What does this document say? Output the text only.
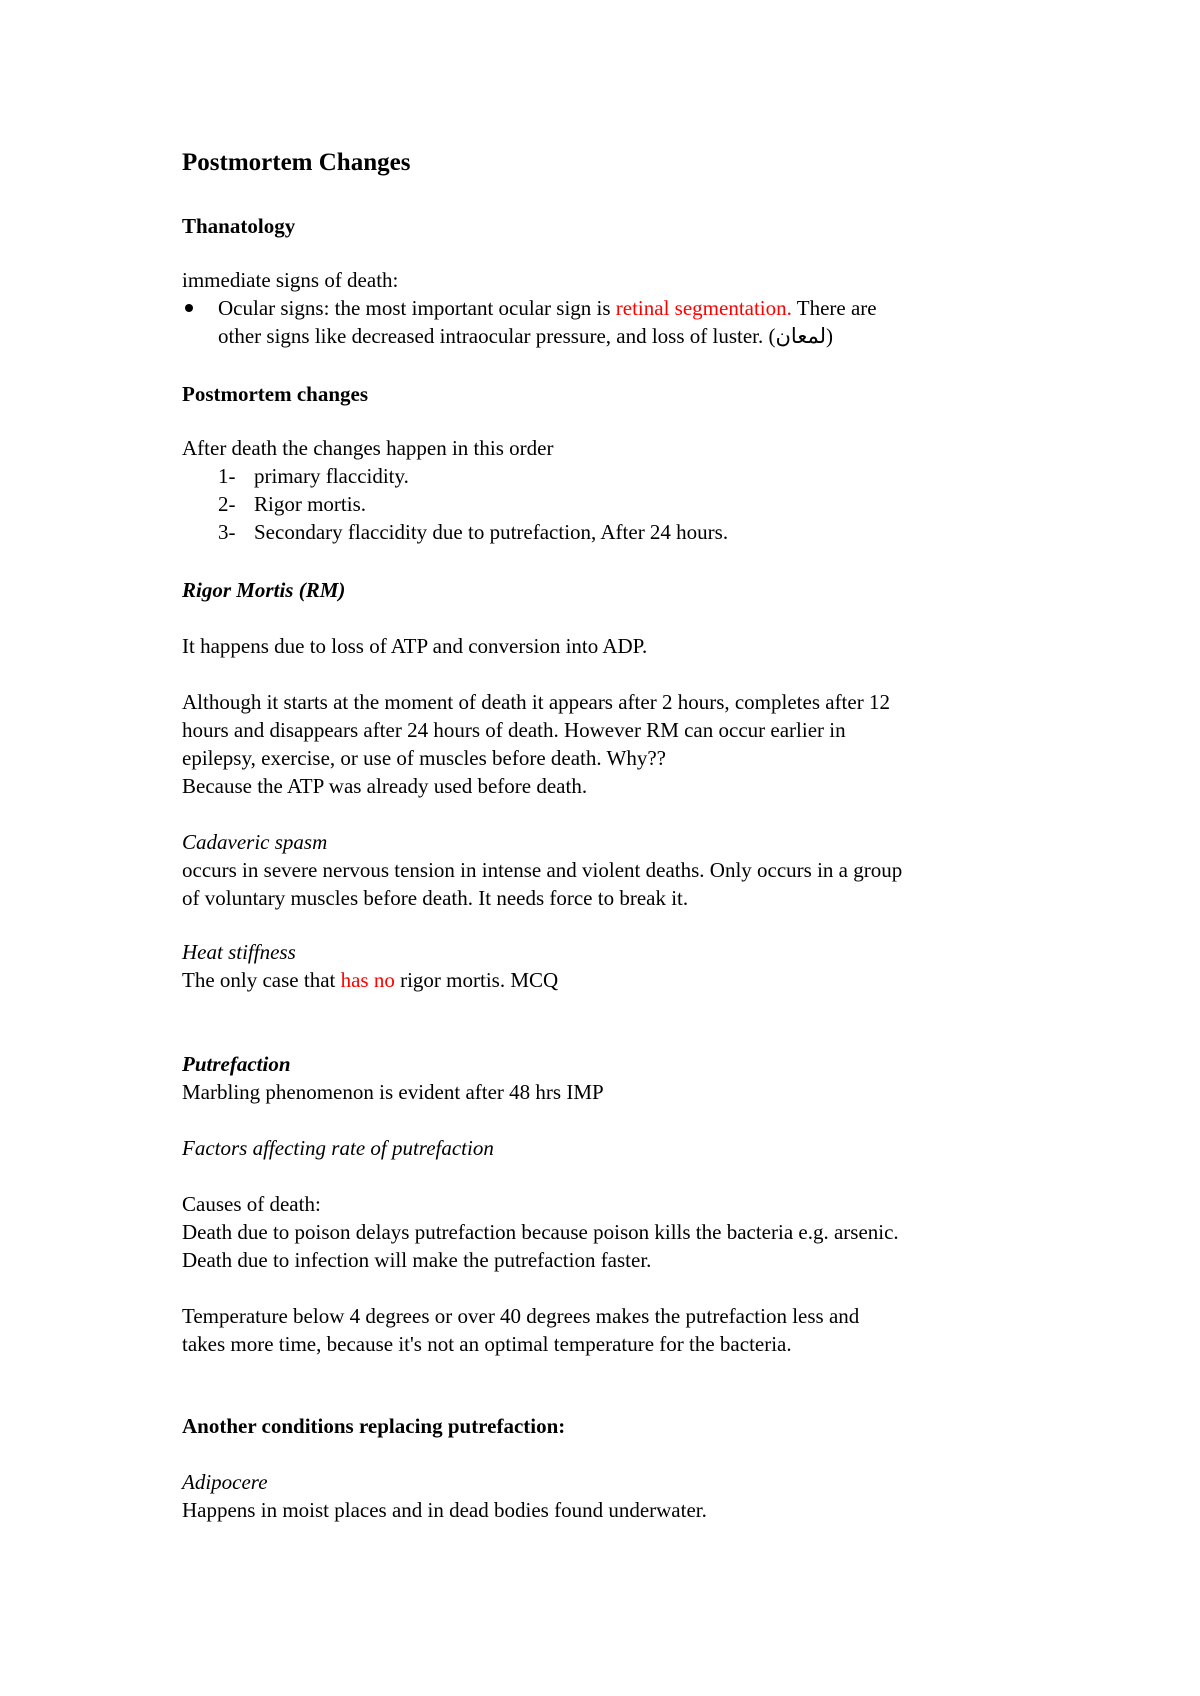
Postmortem Changes

Thanatology

immediate signs of death:

Ocular signs: the most important ocular sign is retinal segmentation. There are
other signs like decreased intraocular pressure, and loss of luster. (لمعان)

Postmortem changes

After death the changes happen in this order

1- primary flaccidity.
2- Rigor mortis.
3- Secondary flaccidity due to putrefaction, After 24 hours.

Rigor Mortis (RM)

It happens due to loss of ATP and conversion into ADP.

Although it starts at the moment of death it appears after 2 hours, completes after 12

hours and disappears after 24 hours of death. However RM can occur earlier in

epilepsy, exercise, or use of muscles before death. Why??

Because the ATP was already used before death.

Cadaveric spasm

occurs in severe nervous tension in intense and violent deaths. Only occurs in a group

of voluntary muscles before death. It needs force to break it.

Heat stiffness

The only case that has no rigor mortis. MCQ

Putrefaction

Marbling phenomenon is evident after 48 hrs IMP

Factors affecting rate of putrefaction

Causes of death:

Death due to poison delays putrefaction because poison kills the bacteria e.g. arsenic.

Death due to infection will make the putrefaction faster.

Temperature below 4 degrees or over 40 degrees makes the putrefaction less and

takes more time, because it's not an optimal temperature for the bacteria.

Another conditions replacing putrefaction:

Adipocere

Happens in moist places and in dead bodies found underwater.
